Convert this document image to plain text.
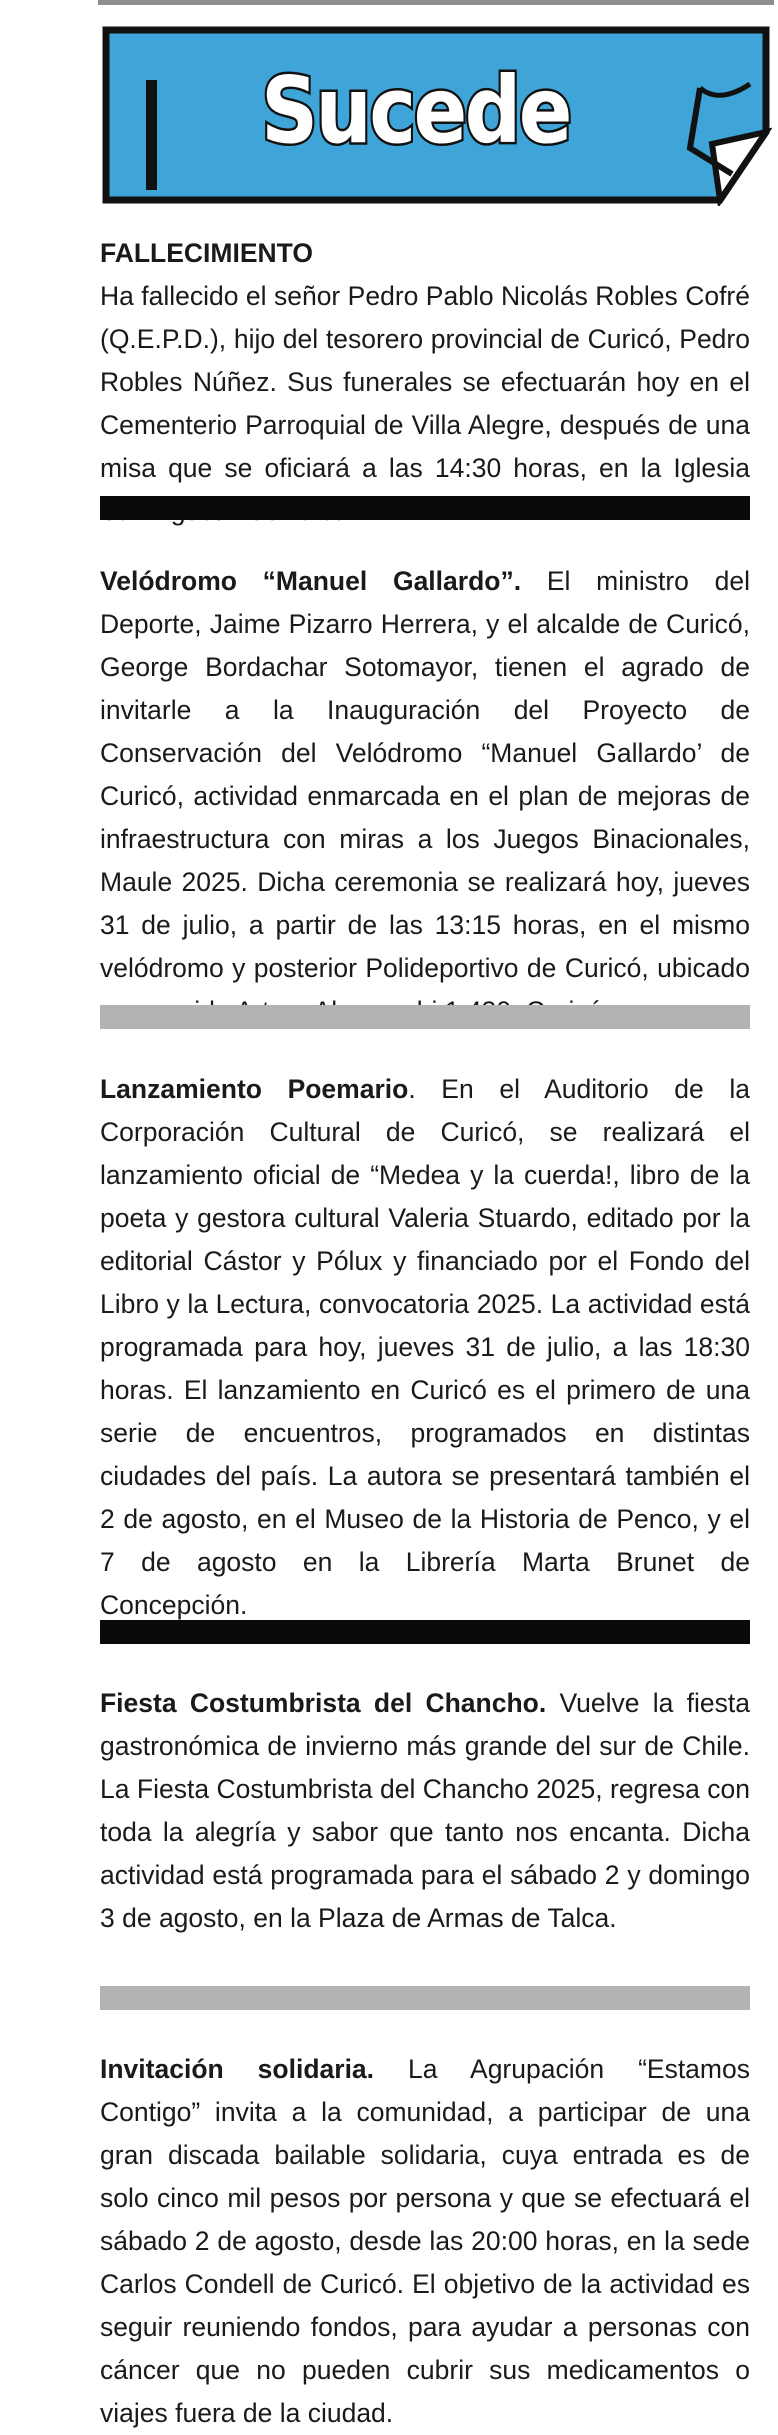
Sucede
FALLECIMIENTO
Ha fallecido el señor Pedro Pablo Nicolás Robles Cofré (Q.E.P.D.), hijo del tesorero provincial de Curicó, Pedro Robles Núñez. Sus funerales se efectuarán hoy en el Cementerio Parroquial de Villa Alegre, después de una misa que se oficiará a las 14:30 horas, en la Iglesia
Velódromo “Manuel Gallardo”. El ministro del Deporte, Jaime Pizarro Herrera, y el alcalde de Curicó, George Bordachar Sotomayor, tienen el agrado de invitarle a la Inauguración del Proyecto de Conservación del Velódromo “Manuel Gallardo’ de Curicó, actividad enmarcada en el plan de mejoras de infraestructura con miras a los Juegos Binacionales, Maule 2025. Dicha ceremonia se realizará hoy, jueves 31 de julio, a partir de las 13:15 horas, en el mismo velódromo y posterior Polideportivo de Curicó, ubicado
Lanzamiento Poemario. En el Auditorio de la Corporación Cultural de Curicó, se realizará el lanzamiento oficial de “Medea y la cuerda!, libro de la poeta y gestora cultural Valeria Stuardo, editado por la editorial Cástor y Pólux y financiado por el Fondo del Libro y la Lectura, convocatoria 2025. La actividad está programada para hoy, jueves 31 de julio, a las 18:30 horas. El lanzamiento en Curicó es el primero de una serie de encuentros, programados en distintas ciudades del país. La autora se presentará también el 2 de agosto, en el Museo de la Historia de Penco, y el 7 de agosto en la Librería Marta Brunet de Concepción.
Fiesta Costumbrista del Chancho. Vuelve la fiesta gastronómica de invierno más grande del sur de Chile. La Fiesta Costumbrista del Chancho 2025, regresa con toda la alegría y sabor que tanto nos encanta. Dicha actividad está programada para el sábado 2 y domingo 3 de agosto, en la Plaza de Armas de Talca.
Invitación solidaria. La Agrupación “Estamos Contigo” invita a la comunidad, a participar de una gran discada bailable solidaria, cuya entrada es de solo cinco mil pesos por persona y que se efectuará el sábado 2 de agosto, desde las 20:00 horas, en la sede Carlos Condell de Curicó. El objetivo de la actividad es seguir reuniendo fondos, para ayudar a personas con cáncer que no pueden cubrir sus medicamentos o viajes fuera de la ciudad.
